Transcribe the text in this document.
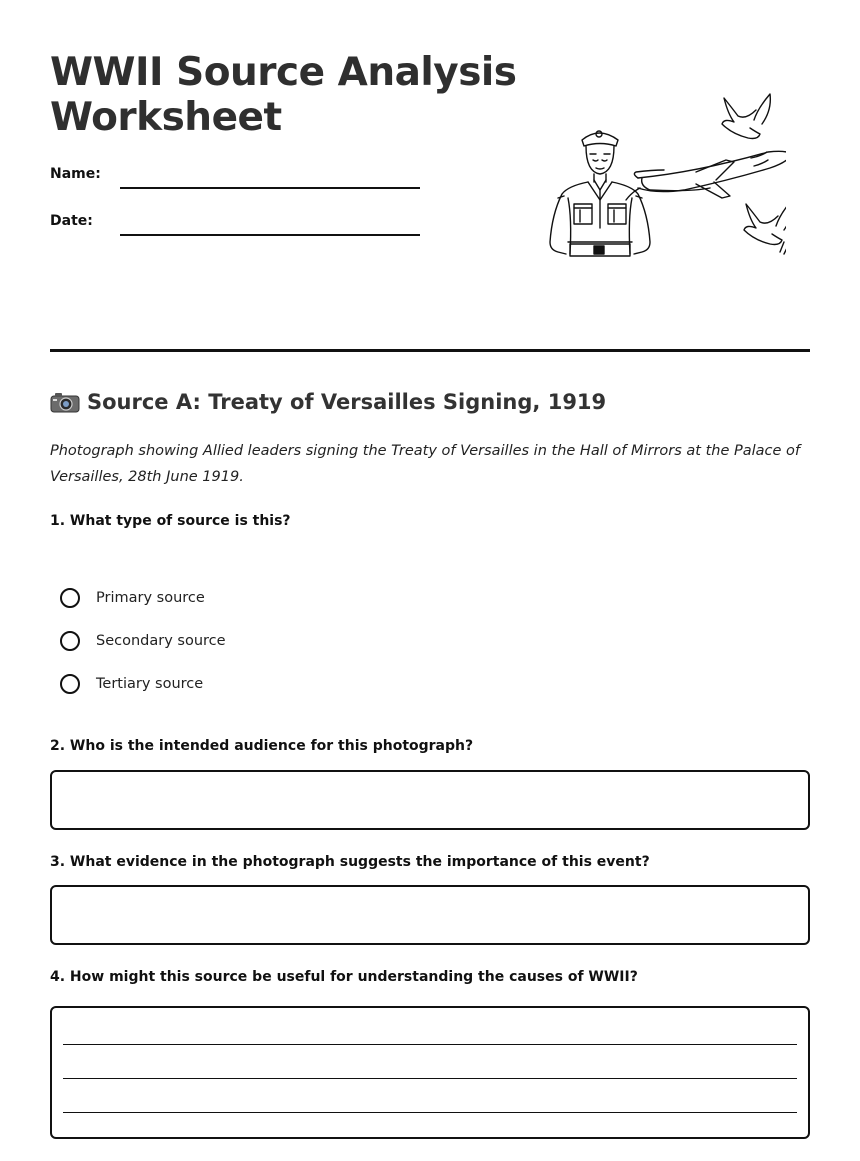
WWII Source Analysis
Worksheet
Name:
Date:
Source A: Treaty of Versailles Signing, 1919

Photograph showing Allied leaders signing the Treaty of Versailles in the Hall of Mirrors at the Palace of Versailles, 28th June 1919.

1. What type of source is this?

Primary source
Secondary source
Tertiary source

2. Who is the intended audience for this photograph?

3. What evidence in the photograph suggests the importance of this event?

4. How might this source be useful for understanding the causes of WWII?
